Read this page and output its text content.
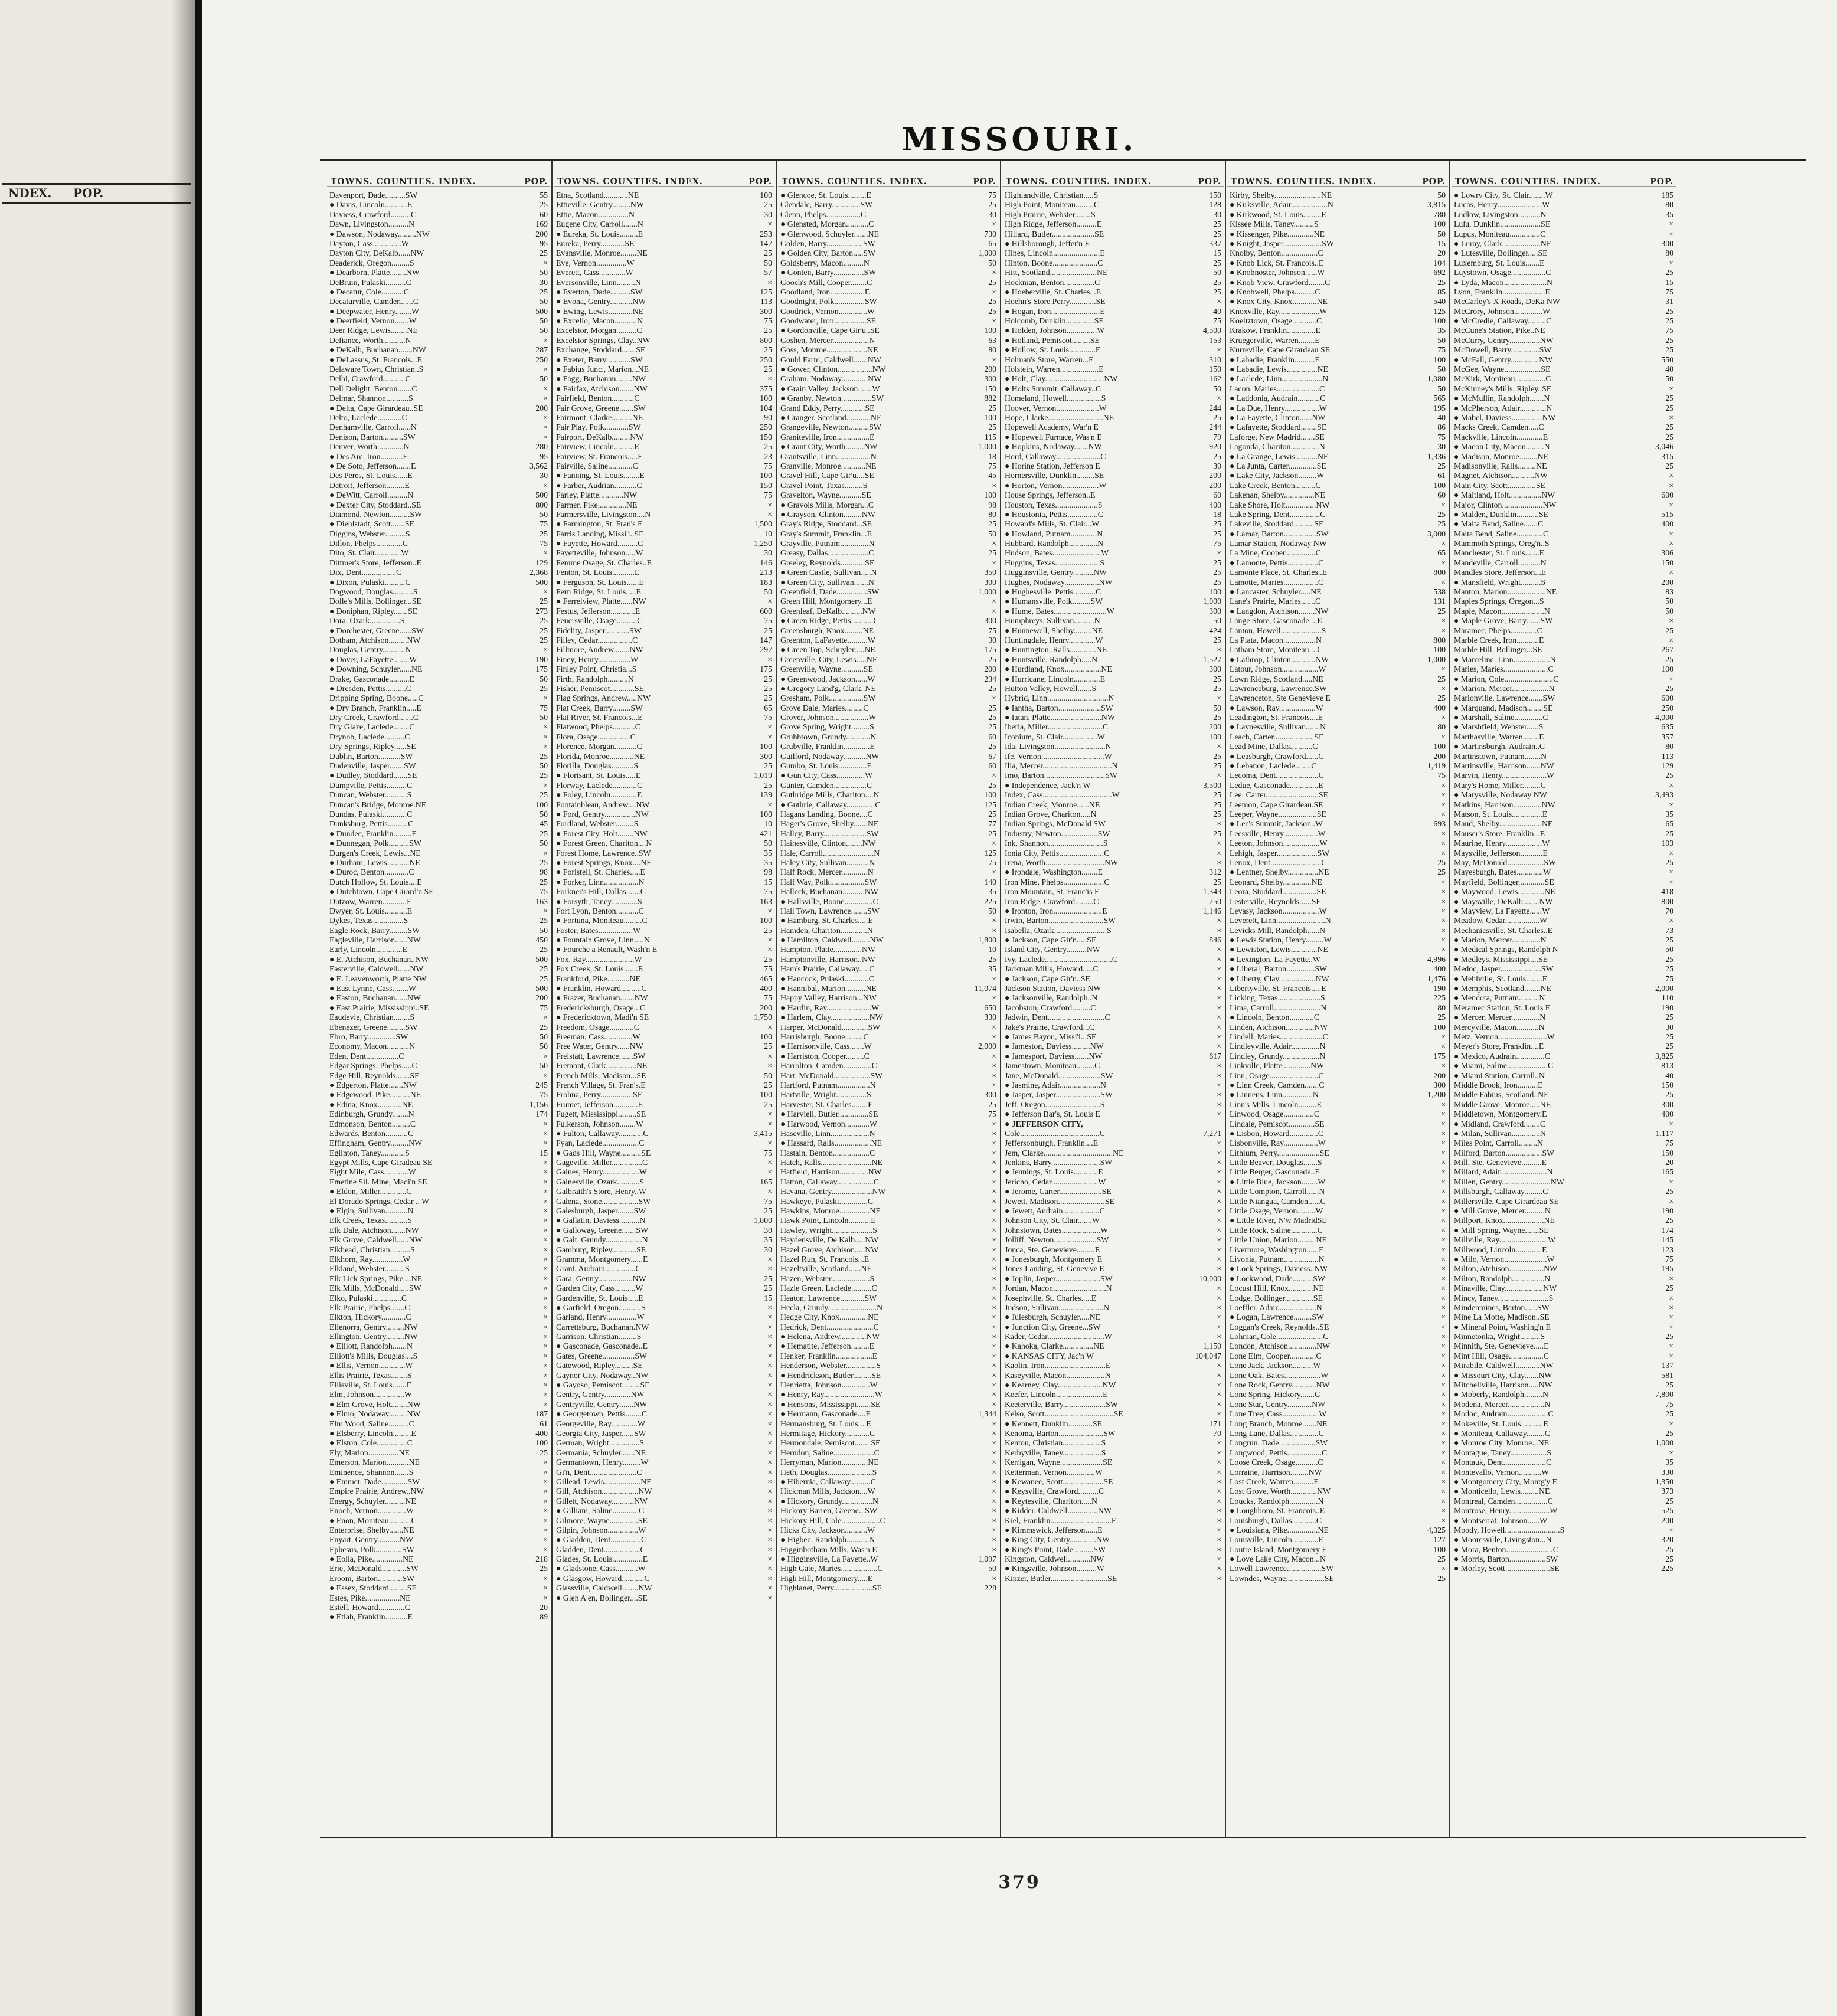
NDEX. POP.
MISSOURI.
TOWNS. COUNTIES. INDEX.	POP.
Davenport, Dade..........SW	55
● Davis, Lincoln...........E	25
Daviess, Crawford..........C	60
Dawn, Livingston..........N	169
● Dawson, Nodaway.........NW	200
Dayton, Cass..............W	95
Dayton City, DeKalb......NW	25
Deaderick, Oregon.........S	×
● Dearborn, Platte........NW	50
DeBruin, Pulaski..........C	30
● Decatur, Cole...........C	25
Decaturville, Camden......C	50
● Deepwater, Henry........W	500
● Deerfield, Vernon.......W	50
Deer Ridge, Lewis........NE	50
Defiance, Worth...........N	×
● DeKalb, Buchanan.......NW	287
● DeLassus, St. Francois...E	250
Delaware Town, Christian..S	×
Delhi, Crawford...........C	50
Dell Delight, Benton.......C	×
Delmar, Shannon...........S	×
● Delta, Cape Girardeau..SE	200
Delto, Laclede............C	×
Denhamville, Carroll......N	×
Denison, Barton..........SW	×
Denver, Worth.............N	280
● Des Arc, Iron...........E	95
● De Soto, Jefferson.......E	3,562
Des Peres, St. Louis......E	30
Detroit, Jefferson.........E	×
● DeWitt, Carroll..........N	500
● Dexter City, Stoddard..SE	800
Diamond, Newton..........SW	50
● Diehlstadt, Scott.......SE	75
Diggins, Webster..........S	25
Dillon, Phelps.............C	75
Dito, St. Clair.............W	×
Dittmer's Store, Jefferson..E	129
Dix, Dent.................C	2,368
● Dixon, Pulaski..........C	500
Dogwood, Douglas..........S	×
Dolle's Mills, Bollinger...SE	25
● Doniphan, Ripley.......SE	273
Dora, Ozark...............S	25
● Dorchester, Greene......SW	25
Dotham, Atchison.........NW	25
Douglas, Gentry...........N	×
● Dover, LaFayette........W	190
● Downing, Schuyler......NE	175
Drake, Gasconade..........E	50
● Dresden, Pettis..........C	25
Dripping Spring, Boone.....C	×
● Dry Branch, Franklin.....E	75
Dry Creek, Crawford.......C	50
Dry Glaze, Laclede........C	×
Drynob, Laclede..........C	×
Dry Springs, Ripley......SE	×
Dublin, Barton...........SW	25
Dudenville, Jasper.......SW	50
● Dudley, Stoddard.......SE	25
Dumpville, Pettis..........C	×
Duncan, Webster...........S	25
Duncan's Bridge, Monroe.NE	100
Dundas, Pulaski............C	50
Dunksburg, Pettis..........C	45
● Dundee, Franklin.........E	25
● Dunnegan, Polk..........SW	50
Durgen's Creek, Lewis...NE	×
● Durham, Lewis...........NE	25
● Duroc, Benton............C	98
Dutch Hollow, St. Louis....E	25
● Dutchtown, Cape Girard'n SE	75
Dutzow, Warren............E	163
Dwyer, St. Louis...........E	×
Dykes, Texas...............S	25
Eagle Rock, Barry.........SW	50
Eagleville, Harrison......NW	450
Early, Lincoln.............E	25
● E. Atchison, Buchanan..NW	500
Easterville, Caldwell......NW	25
● E. Leavenworth, Platte NW	25
● East Lynne, Cass........W	500
● Easton, Buchanan......NW	200
● East Prairie, Mississippi..SE	75
Eaudevie, Christian........S	×
Ebenezer, Greene.........SW	25
Ebro, Barry..............SW	50
Economy, Macon...........N	50
Eden, Dent................C	×
Edgar Springs, Phelps.....C	50
Edge Hill, Reynolds.......SE	×
● Edgerton, Platte.......NW	245
● Edgewood, Pike..........NE	75
● Edina, Knox............NE	1,156
Edinburgh, Grundy........N	174
Edmonson, Benton.........C	×
Edwards, Benton...........C	×
Effingham, Gentry.........NW	×
Eglinton, Taney............S	15
Egypt Mills, Cape Giradeau SE	×
Eight Mile, Cass............W	×
Emetine Sil. Mine, Madi'n SE	×
● Eldon, Miller.............C	×
El Dorado Springs, Cedar .. W	×
● Elgin, Sullivan...........N	×
Elk Creek, Texas...........S	×
Elk Dale, Atchison.......NW	×
Elk Grove, Caldwell......NW	×
Elkhead, Christian..........S	×
Elkhorn, Ray...............W	×
Elkland, Webster..........S	×
Elk Lick Springs, Pike....NE	×
Elk Mills, McDonald.....SW	×
Elko, Pulaski..............C	×
Elk Prairie, Phelps.......C	×
Elkton, Hickory............C	×
Ellenorra, Gentry.........NW	×
Ellington, Gentry.........NW	×
● Elliott, Randolph.......N	×
Elliott's Mills, Douglas....S	×
● Ellis, Vernon.............W	×
Ellis Prairie, Texas........S	×
Ellisville, St. Louis.......E	×
Elm, Johnson...............W	×
● Elm Grove, Holt........NW	×
● Elmo, Nodaway.........NW	187
Elm Wood, Saline..........C	61
● Elsberry, Lincoln.........E	400
● Elston, Cole...............C	100
Ely, Marion...............NE	25
Emerson, Marion...........NE	×
Eminence, Shannon.......S	×
● Emmet, Dade.............SW	×
Empire Prairie, Andrew..NW	×
Energy, Schuyler..........NE	×
Enoch, Vernon..............W	×
● Enon, Moniteau...........C	×
Enterprise, Shelby.......NE	×
Enyart, Gentry...........NW	×
Ephesus, Polk.............SW	×
● Eolia, Pike...............NE	218
Erie, McDonald............SW	25
Eroom, Barton............SW	×
● Essex, Stoddard.........SE	×
Estes, Pike.................NE	×
Estell, Howard.............C	20
● Etlah, Franklin...........E	89
TOWNS. COUNTIES. INDEX.	POP.
Etna, Scotland............NE	100
Ettieville, Gentry.........NW	25
Ettie, Macon...............N	30
Eugene City, Carroll.......N	×
● Eureka, St. Louis.........E	253
Eureka, Perry............SE	147
Evansville, Monroe........NE	25
Eve, Vernon...............W	50
Everett, Cass.............W	57
Eversonville, Linn.........N	×
● Everton, Dade..........SW	125
● Evona, Gentry...........NW	113
● Ewing, Lewis............NE	300
● Excello, Macon...........N	75
Excelsior, Morgan..........C	25
Excelsior Springs, Clay..NW	800
Exchange, Stoddard.......SE	25
● Exeter, Barry............SW	250
● Fabius Junc., Marion...NE	25
● Fagg, Buchanan........NW	×
● Fairfax, Atchison.......NW	375
Fairfield, Benton...........C	100
Fair Grove, Greene.......SW	104
Fairmont, Clarke..........NE	90
Fair Play, Polk............SW	250
Fairport, DeKalb.........NW	150
Fairview, Lincoln..........E	25
Fairview, St. Francois.....E	23
Fairville, Saline............C	75
● Fanning, St. Louis........E	100
● Farber, Audrian...........C	150
Farley, Platte............NW	75
Farmer, Pike..............NE	×
Farmersville, Livingston....N	×
● Farmington, St. Fran's E	1,500
Farris Landing, Missi'i..SE	10
● Fayette, Howard..........C	1,250
Fayetteville, Johnson.....W	30
Femme Osage, St. Charles..E	146
Fenton, St. Louis...........E	213
● Ferguson, St. Louis......E	183
Fern Ridge, St. Louis.....E	50
● Ferrelview, Platte......NW	×
Festus, Jefferson............E	600
Feuersville, Osage..........C	75
Fidelity, Jasper............SW	25
Filley, Cedar.................C	147
Fillmore, Andrew........NW	297
Finey, Henry................W	×
Finley Point, Christia...S	175
Firth, Randolph..........N	25
Fisher, Pemiscot............SE	25
Flag Springs, Andrew.....NW	25
Flat Creek, Barry.........SW	65
Flat River, St. Francois...E	75
Flatwood, Phelps...........C	×
Flora, Osage................C	×
Florence, Morgan...........C	100
Florida, Monroe............NE	300
Florilla, Douglas...........S	25
● Florisant, St. Louis.....E	1,019
Florway, Laclede............C	25
● Foley, Lincoln.............E	139
Fontainbleau, Andrew....NW	×
● Ford, Gentry...............NW	100
Fordland, Webster.........S	10
● Forest City, Holt........NW	421
● Forest Green, Chariton....N	50
Forest Home, Lawrence..SW	35
● Forest Springs, Knox....NE	35
● Foristell, St. Charles.....E	98
● Forker, Linn.................N	15
Forkner's Hill, Dallas.......C	75
● Forsyth, Taney.............S	163
Fort Lyon, Benton...........C	×
● Fortuna, Moniteau.........C	100
Foster, Bates.................W	25
● Fountain Grove, Linn.....N	×
● Fourche a Renault, Wash'n E	×
Fox, Ray........................W	25
Fox Creek, St. Louis.......E	75
Frankford, Pike...........NE	465
● Franklin, Howard..........C	400
● Frazer, Buchanan.......NW	75
Fredericksburgh, Osage...C	200
● Fredericktown, Madi'n SE	1,750
Freedom, Osage............C	×
Freeman, Cass..............W	100
Free Water, Gentry......NW	25
Freistatt, Lawrence.......SW	×
Fremont, Clark...............NE	×
French Mills, Madison...SE	50
French Village, St. Fran's.E	25
Frohna, Perry................SE	100
Frumet, Jefferson............E	25
Fugett, Mississippi.........SE	×
Fulkerson, Johnson........W	×
● Fulton, Callaway............C	3,415
Fyan, Laclede..................C	×
● Gads Hill, Wayne..........SE	75
Gageville, Miller...............C	×
Gaines, Henry..................W	×
Gainesville, Ozark...........S	165
Galbraith's Store, Henry..W	×
Galena, Stone..................SW	75
Galesburgh, Jasper........SW	25
● Gallatin, Daviess..........N	1,800
● Galloway, Greene.......SW	30
● Galt, Grundy..................N	35
Gamburg, Ripley............SE	30
Gramma, Montgomery......E	×
Grant, Audrain...............C	×
Gara, Gentry.................NW	25
Garden City, Cass..........W	25
Gardenville, St. Louis.....E	15
● Garfield, Oregon...........S	×
Garland, Henry...............W	×
Carrettsburg, Buchanan.NW	×
Garrison, Christian.........S	×
● Gasconade, Gasconade..E	×
Gates, Greene................SW	×
Gatewood, Ripley.........SE	×
Gaynor City, Nodaway..NW	×
● Gayoso, Pemiscot.........SE	×
Gentry, Gentry.............NW	×
Gentryville, Gentry.......NW	×
● Georgetown, Pettis........C	×
Georgeville, Ray.............W	×
Georgia City, Jasper......SW	×
German, Wright...............S	×
Germania, Schuyler.......NE	×
Germantown, Henry.........W	×
Gi'n, Dent.......................C	×
Gillead, Lewis..................NE	×
Gill, Atchison..................NW	×
Gillett, Nodaway...........NW	×
● Gilliam, Saline.............C	×
Gilmore, Wayne..............SE	×
Gilpin, Johnson...............W	×
● Gladden, Dent...............C	×
Gladden, Dent..................C	×
Glades, St. Louis...............E	×
● Gladstone, Cass...........W	×
● Glasgow, Howard...........C	×
Glassville, Caldwell........NW	×
● Glen A'en, Bollinger....SE	×
TOWNS. COUNTIES. INDEX.	POP.
● Glencoe, St. Louis.........E	75
Glendale, Barry..............SW	25
Glenn, Phelps.................C	30
● Glensted, Morgan...........C	×
● Glenwood, Schuyler.......NE	730
Golden, Barry..................SW	65
● Golden City, Barton.....SW	1,000
Goldsberry, Macon..........N	50
● Gonten, Barry...............SW	×
Gooch's Mill, Cooper........C	25
Goodland, Iron.................E	×
Goodnight, Polk...............SW	25
Goodrick, Vernon..............W	25
Goodwater, Iron................SE	×
● Gordonville, Cape Gir'u..SE	100
Goshen, Mercer..................N	63
Goss, Monroe....................NE	80
Gould Farm, Caldwell.......NW	×
● Gower, Clinton.................NW	200
Graham, Nodaway.............NW	300
● Grain Valley, Jackson.......W	150
● Granby, Newton...............SW	882
Grand Eddy, Perry............SE	25
● Granger, Scotland............NE	100
Grangeville, Newton..........SW	25
Graniteville, Iron................E	115
● Grant City, Worth.........NW	1,000
Grantsville, Linn.................N	18
Granville, Monroe............NE	75
Gravel Hill, Cape Gir'u....SE	45
Gravel Point, Texas.........S	×
Gravelton, Wayne...........SE	100
● Gravois Mills, Morgan...C	98
● Grayson, Clinton.........NW	80
Gray's Ridge, Stoddard...SE	25
Gray's Summit, Franklin...E	50
Grayville, Putnam..............N	×
Greasy, Dallas....................C	25
Greeley, Reynolds............SE	×
● Green Castle, Sullivan.....N	350
● Green City, Sullivan.......N	300
Greenfield, Dade...............SW	1,000
Green Hill, Montgomery...E	×
Greenleaf, DeKalb..........NW	×
● Green Ridge, Pettis...........C	300
Greensburgh, Knox.........NE	75
Greenton, LaFayette..........W	30
● Green Top, Schuyler.....NE	175
Greenville, City, Lewis.....NE	25
Greenville, Wayne...........SE	200
● Greenwood, Jackson......W	234
● Gregory Land'g, Clark..NE	25
Gresham, Polk.................SW	×
Grove Dale, Maries.........C	25
Grover, Johnson.................W	25
Grove Spring, Wright.........S	25
Grubbtown, Grundy............N	60
Grubville, Franklin.............E	25
Guilford, Nodaway...........NW	67
Gumbo, St. Louis..............E	60
● Gun City, Cass..............W	×
Gunter, Camden................C	25
Guthridge Mills, Chariton....N	100
● Guthrie, Callaway..............C	125
Hagans Landing, Boone....C	25
Hager's Grove, Shelby.......NE	77
Halley, Barry.....................SW	25
Hainesville, Clinton........NW	×
Hale, Carroll.........................N	125
Haley City, Sullivan...........N	75
Half Rock, Mercer.............N	×
Half Way, Polk.................SW	140
Halleck, Buchanan...........NW	35
● Hallsville, Boone..............C	225
Hall Town, Lawrence........SW	50
● Hamburg, St. Charles.....E	×
Hamden, Chariton.............N	×
● Hamilton, Caldwell.........NW	1,800
Hampton, Platte..............NW	10
Hamptonville, Harrison..NW	25
Ham's Prairie, Callaway.....C	35
● Hancock, Pulaski............C	×
● Hannibal, Marion..........NE	11,074
Happy Valley, Harrison...NW	×
● Hardin, Ray......................W	650
● Harlem, Clay...................NW	330
Harper, McDonald.............SW	×
Harrisburgh, Boone.........C	×
● Harrisonville, Cass.......W	2,000
● Harriston, Cooper.........C	×
Harrolton, Camden..............C	×
Hart, McDonald..................SW	×
Hartford, Putnam................N	×
Hartville, Wright...............S	300
Harvester, St. Charles........E	25
● Harviell, Butler...............SE	75
● Harwood, Vernon............W	×
Haseville, Linn...................N	×
● Hassard, Ralls..................NE	×
Hastain, Benton..................C	×
Hatch, Ralls.........................NE	×
Hatfield, Harrison..............NW	×
Hatton, Callaway..................C	×
Havana, Gentry....................NW	×
Hawkeye, Pulaski..............C	×
Hawkins, Monroe...............NE	×
Hawk Point, Lincoln...........E	×
Hawley, Wright....................S	×
Haydensville, De Kalb.....NW	×
Hazel Grove, Atchison.....NW	×
Hazel Run, St. Francois...E	×
Hazeltville, Scotland......NE	×
Hazen, Webster...................S	×
Hazle Green, Laclede..........C	×
Heaton, Lawrence............SW	×
Hecla, Grundy........................N	×
Hedge City, Knox..............NE	×
Hedrick, Dent.......................C	×
● Helena, Andrew.............NW	×
● Hematite, Jefferson.........E	×
Henker, Franklin..................E	×
Henderson, Webster...............S	×
● Hendrickson, Butler.........SE	×
Henrietta, Johnson..............W	×
● Henry, Ray.........................W	×
● Hensons, Mississippi.......SE	×
● Hermann, Gasconade....E	1,344
Hermansburg, St. Louis....E	×
Hermitage, Hickory............C	×
Hermondale, Pemiscot........SE	×
Herndon, Saline....................C	×
Herryman, Marion.............NE	×
Heth, Douglas......................S	×
● Hibernia, Callaway..........C	×
Hickman Mills, Jackson....W	×
● Hickory, Grundy...............N	×
Hickory Barren, Greene...SW	×
Hickory Hill, Cole...................C	×
Hicks City, Jackson...........W	×
● Higbee, Randolph...........N	×
Higginbotham Mills, Was'n E	×
● Higginsville, La Fayette..W	1,097
High Gate, Maries..................C	50
High Hill, Montgomery.....E	×
Highlanet, Perry...................SE	228
TOWNS. COUNTIES. INDEX.	POP.
Highlandville, Christian.....S	150
High Point, Moniteau.........C	128
High Prairie, Webster........S	30
High Ridge, Jefferson..........E	25
Hillard, Butler.....................SE	25
● Hillsborough, Jeffer'n E	337
Hines, Lincoln.......................E	15
Hinton, Boone......................C	25
Hitt, Scotland.......................NE	50
Hockman, Benton...............C	25
● Hoeberville, St. Charles...E	25
Hoehn's Store Perry.............SE	×
● Hogan, Iron........................E	40
Holcomb, Dunklin..............SE	75
● Holden, Johnson...............W	4,500
● Holland, Pemiscot.........SE	153
● Hollow, St. Louis.............E	×
Holman's Store, Warren...E	310
Holstein, Warren...................E	150
● Holt, Clay.............................NW	162
● Holts Summit, Callaway..C	50
Homeland, Howell.................S	×
Hoover, Vernon.....................W	244
Hope, Clarke...........................NE	25
Hopewell Academy, War'n E	244
● Hopewell Furnace, Was'n E	79
● Hopkins, Nodaway.......NW	920
Hord, Callaway......................C	25
● Horine Station, Jefferson E	30
Hornersville, Dunklin.........SE	200
● Horton, Vernon..................W	200
House Springs, Jefferson..E	60
Houston, Texas.....................S	400
● Houstonia, Pettis...............C	18
Howard's Mills, St. Clair...W	25
● Howland, Putnam.............N	25
Hubbard, Randolph..............N	75
Hudson, Bates........................W	×
Huggins, Texas......................S	25
Hugginsville, Gentry..........NW	25
Hughes, Nodaway.................NW	25
● Hughesville, Pettis...........C	100
● Humansville, Polk.........SW	1,000
● Hume, Bates..........................W	300
Humphreys, Sullivan..........N	50
● Hunnewell, Shelby.........NE	424
Huntingdale, Henry.............W	25
● Huntington, Ralls.............NE	×
● Huntsville, Randolph.....N	1,527
● Hurdland, Knox..................NE	300
● Hurricane, Lincoln.............E	25
Hutton Valley, Howell.......S	25
Hybrid, Linn..............................N	×
● Iantha, Barton.....................SW	50
● Iatan, Platte.........................NW	25
Iberia, Miller...........................C	200
Iconium, St. Clair.................W	100
Ida, Livingston.........................N	×
Ife, Vernon...............................W	25
Ilia, Mercer..................................N	25
Imo, Barton..............................SW	×
● Independence, Jack'n W	3,500
Index, Cass..................................W	25
Indian Creek, Monroe......NE	25
Indian Grove, Chariton.....N	25
Indian Springs, McDonald SW	×
Industry, Newton..................SW	25
Ink, Shannon...........................S	×
Ionia City, Pettis......................C	×
Irena, Worth.............................NW	×
● Irondale, Washington........E	312
Iron Mine, Phelps....................C	25
Iron Mountain, St. Franc'is E	1,343
Iron Ridge, Crawford.........C	250
● Ironton, Iron........................E	1,146
Irwin, Barton...........................SW	×
Isabella, Ozark..........................S	×
● Jackson, Cape Gir'n.....SE	846
Island City, Gentry..........NW	×
Ivy, Laclede.................................C	×
Jackman Mills, Howard.....C	×
● Jackson, Cape Gir'n..SE	×
Jackson Station, Daviess NW	×
● Jacksonville, Randolph..N	×
Jacobston, Crawford.........C	×
Jadwin, Dent............................C	×
Jake's Prairie, Crawford...C	×
● James Bayou, Missi'i...SE	×
● Jameston, Daviess.........NW	×
● Jamesport, Daviess.......NW	617
Jamestown, Moniteau.........C	×
Jane, McDonald.....................SW	×
● Jasmine, Adair....................N	×
● Jasper, Jasper......................SW	×
Jeff, Oregon...........................S	×
● Jefferson Bar's, St. Louis E	×
● JEFFERSON CITY,
Cole.......................................C	7,271
Jeffersonburgh, Franklin....E	×
Jem, Clarke..................................NE	×
Jenkins, Barry........................SW	×
● Jennings, St. Louis............E	×
Jericho, Cedar.......................W	×
● Jerome, Carter.....................SE	×
Jewett, Madison.......................SE	×
● Jewett, Audrain..................C	×
Johnson City, St. Clair.......W	×
Johnstown, Bates...................W	×
Jolliff, Newton.....................SW	×
Jonca, Ste. Genevieve.........E	×
● Jonesburgh, Montgomery E	×
Jones Landing, St. Genev've E	×
● Joplin, Jasper......................SW	10,000
Jordan, Macon..........................N	×
Josephville, St. Charles.....E	×
Judson, Sullivan......................N	×
● Julesburgh, Schuyler.....NE	×
● Junction City, Greene...SW	×
Kader, Cedar............................W	×
● Kahoka, Clarke...............NE	1,150
● KANSAS CITY, Jac'n W	104,047
Kaolin, Iron..............................E	×
Kaseyville, Macon...................N	×
● Kearney, Clay......................NW	×
Keefer, Lincoln.......................E	×
Keeterville, Barry.....................SW	×
Kelso, Scott..................................SE	×
● Kennett, Dunklin............SE	171
Kenoma, Barton......................SW	70
Kenton, Christian...................S	×
Kerbyville, Taney...................S	×
Kerrigan, Wayne.....................SE	×
Ketterman, Vernon..............W	×
● Kewanee, Scott....................SE	×
● Keysville, Crawford..........C	×
● Keytesville, Chariton.....N	×
● Kidder, Caldwell...............NW	×
Kiel, Franklin..............................E	×
● Kimmswick, Jefferson......E	×
● King City, Gentry.............NW	×
● King's Point, Dade..........SW	×
Kingston, Caldwell...........NW	×
● Kingsville, Johnson..........W	×
Kinzer, Butler............................SE	×
TOWNS. COUNTIES. INDEX.	POP.
Kirby, Shelby.......................NE	50
● Kirksville, Adair..................N	3,815
● Kirkwood, St. Louis.........E	780
Kissee Mills, Taney..........S	100
● Kissenger, Pike.............NE	50
● Knight, Jasper...................SW	15
Knolby, Benton..................C	20
● Knob Lick, St. Francois..E	104
● Knobnoster, Johnson......W	692
● Knob View, Crawford........C	25
● Knobwell, Phelps..........C	85
● Knox City, Knox............NE	540
Knoxville, Ray....................W	125
Koeltztown, Osage............C	100
Krakow, Franklin..............E	35
Kruegerville, Warren........E	50
Kurreville, Cape Girardeau SE	75
● Labadie, Franklin..........E	100
● Labadie, Lewis...............NE	50
● Laclede, Linn....................N	1,080
Lacon, Maries.....................C	50
● Laddonia, Audrain...........C	565
● La Due, Henry.................W	195
● La Fayette, Clinton......NW	40
● Lafayette, Stoddard........SE	86
Laforge, New Madrid.......SE	75
Lagonda, Chariton..............N	30
● La Grange, Lewis...........NE	1,336
● La Junta, Carter..............SE	25
● Lake City, Jackson.........W	61
Lake Creek, Benton..........C	100
Lakenan, Shelby...............NE	60
Lake Shore, Holt...............NW	×
Lake Spring, Dent...............C	25
Lakeville, Stoddard..........SE	25
● Lamar, Barton................SW	3,000
Lamar Station, Nodaway NW	×
La Mine, Cooper...............C	65
● Lamonte, Pettis...............C	×
Lamonte Place, St. Charles..E	800
Lamotte, Maries.................C	×
● Lancaster, Schuyler.....NE	538
Lane's Prairie, Maries.......C	131
● Langdon, Atchison........NW	25
Lange Store, Gasconade....E	×
Lanton, Howell....................S	×
La Plata, Macon................N	800
Latham Store, Moniteau....C	100
● Lathrop, Clinton............NW	1,000
Latour, Johnson..................W	×
Lawn Ridge, Scotland.....NE	25
Lawrenceburg, Lawrence.SW	×
Lawrenceton, Ste Genevieve E	25
● Lawson, Ray..................W	400
Leadington, St. Francois....E	×
● Laynesville, Sullivan.......N	80
Leach, Carter....................SE	×
Lead Mine, Dallas...........C	100
● Leasburgh, Crawford......C	200
● Lebanon, Laclede........C	1,419
Lecoma, Dent.....................C	75
Ledue, Gasconade..............E	×
Lee, Carter..........................SE	×
Leemon, Cape Girardeau.SE	×
Leeper, Wayne...................SE	×
● Lee's Summit, Jackson..W	693
Leesville, Henry.................W	×
Leeton, Johnson..................W	×
Lehigh, Jasper....................SW	×
Lenox, Dent.........................C	25
● Lentner, Shelby...............NE	25
Leonard, Shelby..............NE	×
Leora, Stoddard.................SE	×
Lesterville, Reynolds......SE	×
Levasy, Jackson..................W	×
Leverett, Linn........................N	×
Levicks Mill, Randolph......N	×
● Lewis Station, Henry.........W	×
● Lewiston, Lewis.............NE	×
● Lexington, La Fayette..W	4,996
● Liberal, Barton..............SW	400
● Liberty, Clay..................NW	1,476
Libertyville, St. Francois.....E	190
Licking, Texas.....................S	225
Lima, Carroll.......................N	80
● Lincoln, Benton............C	25
Linden, Atchison..............NW	100
Lindell, Maries.....................C	×
Lindleyville, Adair..............N	×
Lindley, Grundy..................N	175
Linkville, Platte..............NW	×
Linn, Osage........................C	200
● Linn Creek, Camden.......C	300
● Linneus, Linn...............N	1,200
Linn's Mills, Lincoln.........E	×
Linwood, Osage...............C	×
Lindale, Pemiscot.............SE	×
● Lisbon, Howard..............C	×
Lisbonville, Ray.................W	×
Lithium, Perry.....................SE	×
Little Beaver, Douglas.......S	×
Little Berger, Gasconade..E	×
● Little Blue, Jackson........W	×
Little Compton, Carroll......N	×
Little Niangua, Camden......C	×
Little Osage, Vernon.........W	×
● Little River, N'w MadridSE	×
Little Rock, Saline.............C	×
Little Union, Marion.........NE	×
Livermore, Washington......E	×
Livonia, Putnam.................N	×
● Lock Springs, Daviess..NW	×
● Lockwood, Dade..........SW	×
Locust Hill, Knox............NE	×
Lodge, Bollinger..............SE	×
Loeffler, Adair...................N	×
● Logan, Lawrence.........SW	×
Loggan's Creek, Reynolds..SE	×
Lohman, Cole.......................C	×
London, Atchison..............NW	×
Lone Elm, Cooper.............C	×
Lone Jack, Jackson..........W	×
Lone Oak, Bates..................W	×
Lone Rock, Gentry............NW	×
Lone Spring, Hickory.......C	×
Lone Star, Gentry............NW	×
Lone Tree, Cass..................W	×
Long Branch, Monroe.......NE	×
Long Lane, Dallas..............C	×
Longrun, Dade..................SW	×
Longwood, Pettis.................C	×
Loose Creek, Osage...........C	×
Lorraine, Harrison.........NW	×
Lost Creek, Warren..........E	×
Lost Grove, Worth.............NW	×
Loucks, Randolph..............N	×
● Loughboro, St. Francois..E	×
Louisburgh, Dallas............C	×
● Louisiana, Pike...............NE	4,325
Louisville, Lincoln.............E	127
Loutre Island, Montgomery E	100
● Love Lake City, Macon...N	25
Lowell Lawrence.................SW	×
Lowndes, Wayne...................SE	25
TOWNS. COUNTIES. INDEX.	POP.
● Lowry City, St. Clair........W	185
Lucas, Henry......................W	80
Ludlow, Livingston...........N	35
Lulu, Dunklin....................SE	×
Lupus, Moniteau...............C	×
● Luray, Clark...................NE	300
● Lutesville, Bollinger.....SE	80
Luxemburg, St. Louis.......E	×
Luystown, Osage.................C	25
● Lyda, Macon.....................N	15
Lyon, Franklin.....................E	75
McCarley's X Roads, DeKa NW	31
McCrory, Johnson..............W	25
● McCredie, Callaway.........C	25
McCune's Station, Pike..NE	75
McCurry, Gentry...............NW	25
McDowell, Barry..............SW	25
● McFall, Gentry..............NW	550
McGee, Wayne..................SE	40
McKirk, Moniteau...............C	50
McKinney's Mills, Ripley..SE	×
● McMullin, Randolph.......N	25
● McPherson, Adair.............N	25
● Mabel, Daviess...............NW	×
Macks Creek, Camden.....C	25
Mackville, Lincoln.............E	25
● Macon City, Macon.........N	3,046
● Madison, Monroe.........NE	315
Madisonville, Ralls.........NE	25
Magnet, Atchison...........NW	×
Main City, Scott..............SE	×
● Maitland, Holt................NW	600
Major, Clinton....................NW	×
● Malden, Dunklin...........SE	515
● Malta Bend, Saline.......C	400
Malta Bend, Saline.............C	×
Mammoth Springs, Oreg'n..S	×
Manchester, St. Louis.......E	306
Mandeville, Carroll...........N	150
Mandles Store, Jefferson...E	×
● Mansfield, Wright..........S	200
Manton, Marion...................NE	83
Maples Springs, Oregon...S	50
Maple, Macon.....................N	50
● Maple Grove, Barry.......SW	×
Maramec, Phelps.............C	25
Marble Creek, Iron...........E	×
Marble Hill, Bollinger...SE	267
● Marceline, Linn..................N	25
Maries, Maries......................C	100
● Marion, Cole........................C	×
● Marion, Mercer..................N	25
Marionville, Lawrence.......SW	600
● Marquand, Madison........SE	250
● Marshall, Saline..............C	4,000
● Marshfield, Webster......S	635
Marthasville, Warren........E	357
● Martinsburgh, Audrain..C	80
Martinstown, Putnam........N	113
Martinsville, Harrison.......NW	129
Marvin, Henry......................W	25
Mary's Home, Miller.........C	×
● Marysville, Nodaway NW	3,493
Matkins, Harrison..............NW	×
Matson, St. Louis...............E	35
Maud, Shelby.....................NE	65
Mauser's Store, Franklin...E	25
Maurine, Henry..................W	103
Maysville, Jefferson...........E	×
May, McDonald..................SW	25
Mayesburgh, Bates.............W	×
Mayfield, Bollinger.............SE	×
● Maywood, Lewis.............NE	418
● Maysville, DeKalb........NW	800
● Mayview, La Fayette......W	70
Meadow, Cedar.................W	×
Mechanicsville, St. Charles..E	73
● Marion, Mercer..............N	25
● Medical Springs, Randolph N	50
● Medleys, Mississippi....SE	25
Medoc, Jasper....................SW	25
● Mehlville, St. Louis........E	75
● Memphis, Scotland........NE	2,000
● Mendota, Putnam..........N	110
Meramec Station, St. Louis E	190
● Mercer, Mercer..............N	25
Mercyville, Macon...........N	30
Metz, Vernon........................W	25
Meyer's Store, Franklin....E	25
● Mexico, Audrain..............C	3,825
● Miami, Saline....................C	813
● Miami Station, Carroll..N	40
Middle Brook, Iron..........E	150
Middle Fabius, Scotland..NE	25
Middle Grove, Monroe.....NE	300
Middletown, Montgomery.E	400
● Midland, Crawford........C	×
● Milan, Sullivan..............N	1,117
Miles Point, Carroll.........N	75
Milford, Barton..................SW	150
Mill, Ste. Genevieve..........E	20
Millard, Adair.......................N	165
Millen, Gentry........................NW	×
Millsburgh, Callaway.........C	25
Millersville, Cape Girardeau SE	×
● Mill Grove, Mercer..........N	190
Millport, Knox....................NE	25
● Mill Spring, Wayne.......SE	174
Millville, Ray........................W	145
Millwood, Lincoln.............E	123
● Milo, Vernon.....................W	75
Milton, Atchison.................NW	195
Milton, Randolph................N	×
Minaville, Clay...................NW	25
Mincy, Taney.........................S	×
Mindenmines, Barton......SW	×
Mine La Motte, Madison..SE	×
● Mineral Point, Washing'n E	×
Minnetonka, Wright..........S	25
Minnith, Ste. Genevieve.....E	×
Mint Hill, Osage.................C	×
Mirabile, Caldwell............NW	137
● Missouri City, Clay.......NW	581
Mitchellville, Harrison.....NW	25
● Moberly, Randolph.........N	7,800
Modena, Mercer..................N	75
Modoc, Audrain....................C	25
Mokeville, St. Louis...........E	×
● Moniteau, Callaway.........C	25
● Monroe City, Monroe...NE	1,000
Montague, Taney..................S	×
Montauk, Dent.....................C	35
Montevallo, Vernon...........W	330
● Montgomery City, Montg'y E	1,350
● Monticello, Lewis.........NE	373
Montreal, Camden................C	25
Montrose, Henry....................W	525
● Montserrat, Johnson......W	200
Moody, Howell...........................S	×
● Mooresville, Livingston...N	320
● Mora, Benton.......................C	25
● Morris, Barton..................SW	25
● Morley, Scott......................SE	225
379
